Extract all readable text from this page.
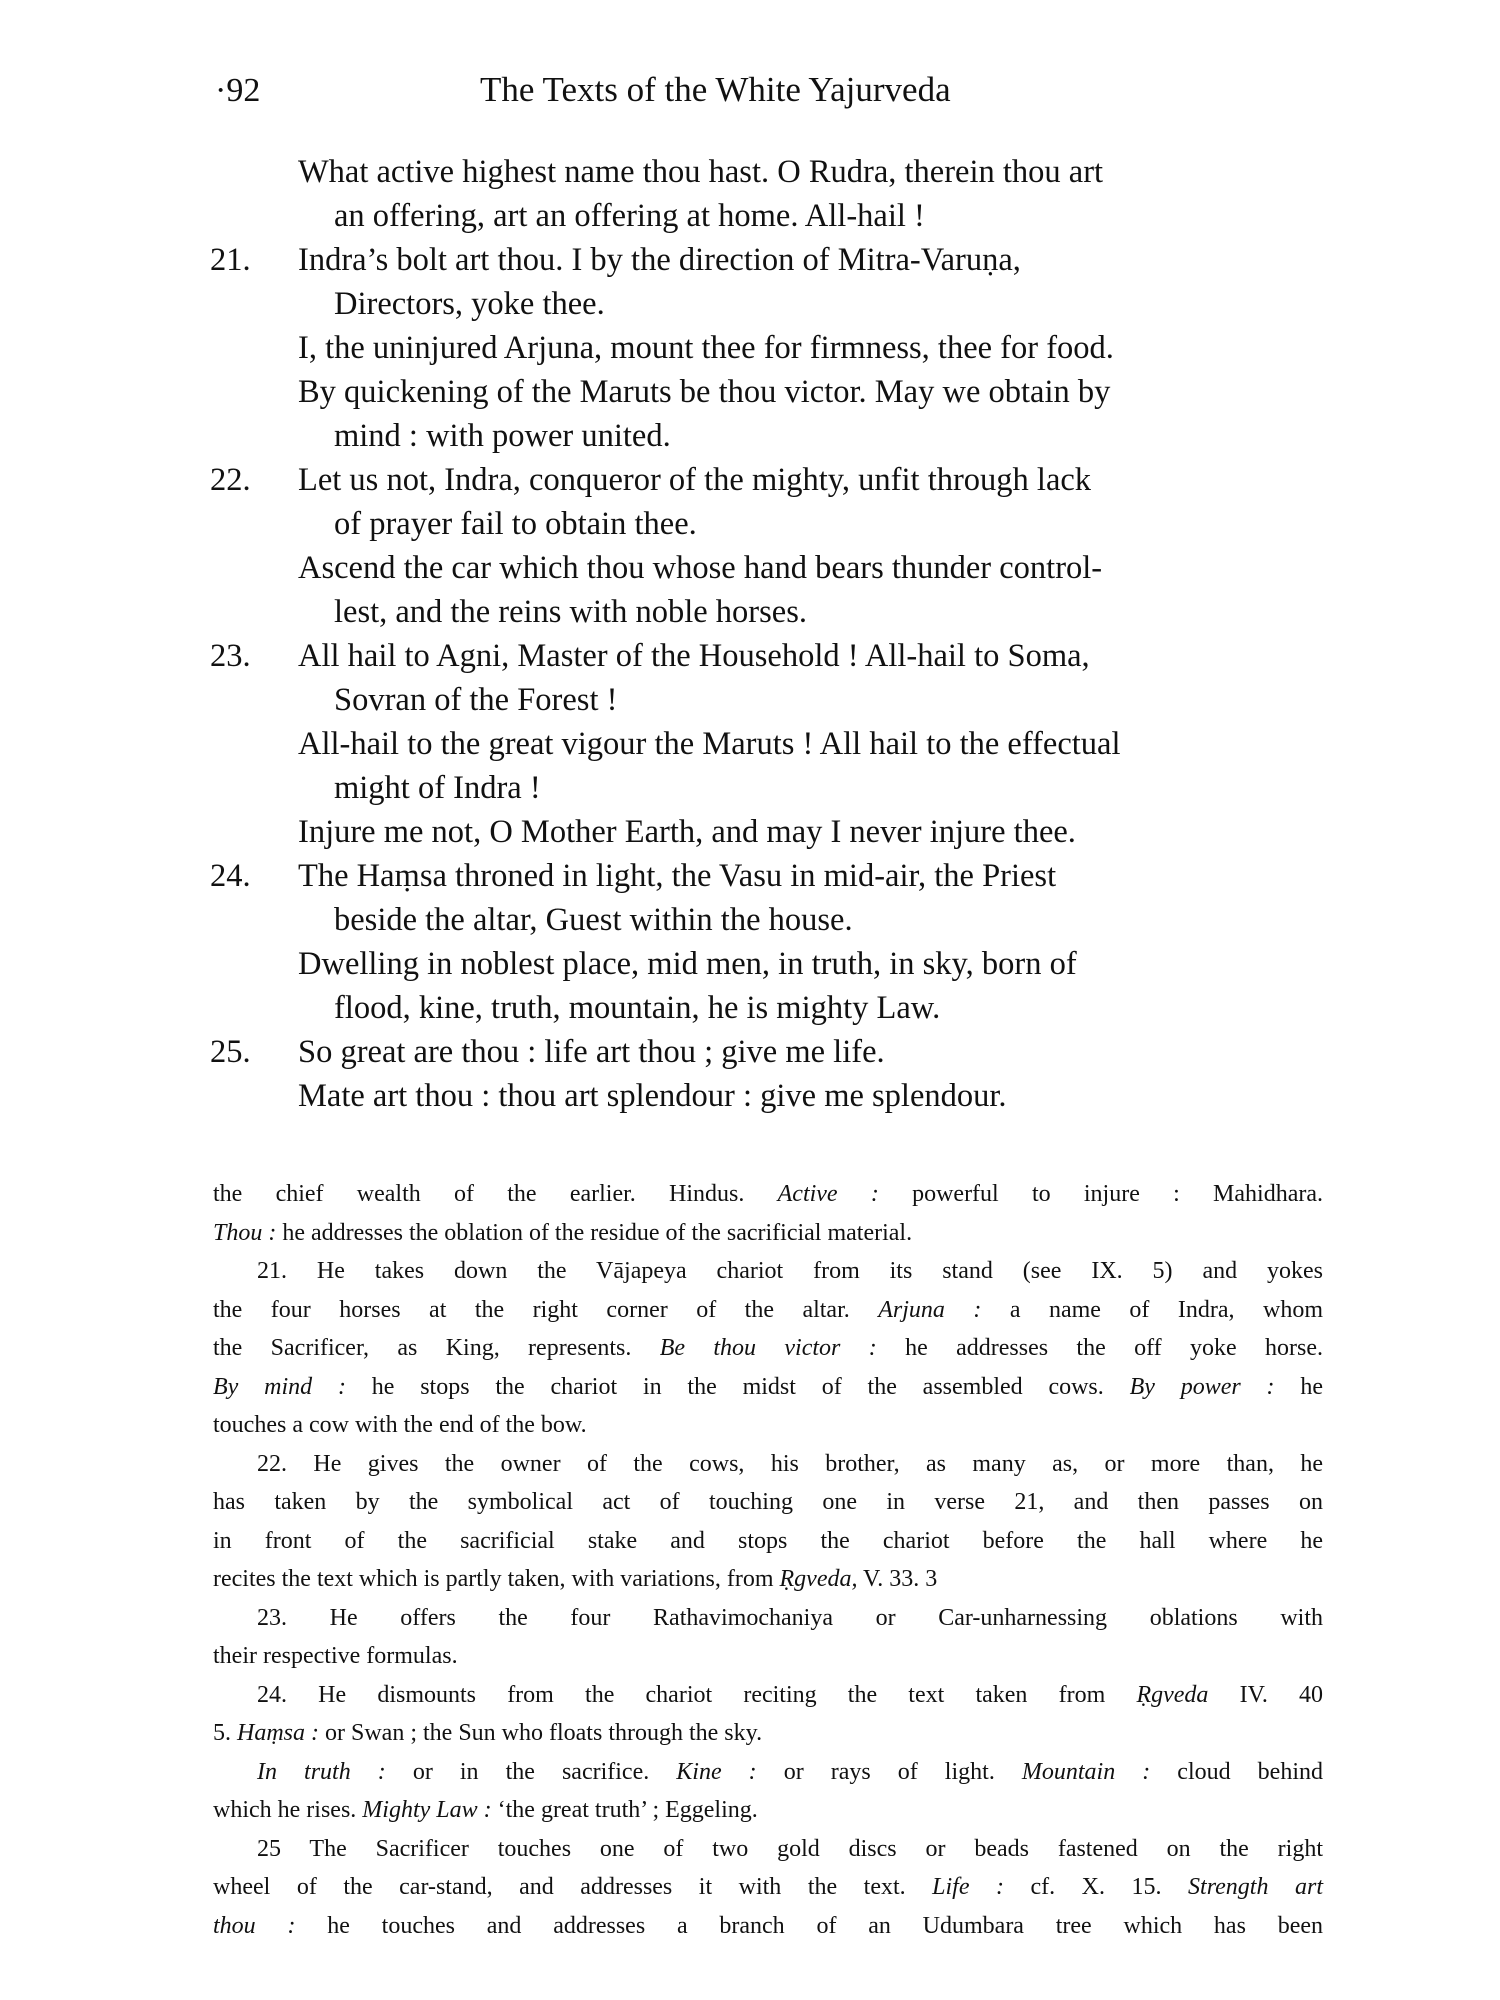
·92	The Texts of the White Yajurveda
What active highest name thou hast. O Rudra, therein thou art
an offering, art an offering at home. All-hail !
21. Indra’s bolt art thou. I by the direction of Mitra-Varuṇa,
Directors, yoke thee.
I, the uninjured Arjuna, mount thee for firmness, thee for food.
By quickening of the Maruts be thou victor. May we obtain by
mind : with power united.
22. Let us not, Indra, conqueror of the mighty, unfit through lack
of prayer fail to obtain thee.
Ascend the car which thou whose hand bears thunder control-
lest, and the reins with noble horses.
23. All hail to Agni, Master of the Household ! All-hail to Soma,
Sovran of the Forest !
All-hail to the great vigour the Maruts ! All hail to the effectual
might of Indra !
Injure me not, O Mother Earth, and may I never injure thee.
24. The Haṃsa throned in light, the Vasu in mid-air, the Priest
beside the altar, Guest within the house.
Dwelling in noblest place, mid men, in truth, in sky, born of
flood, kine, truth, mountain, he is mighty Law.
25. So great are thou : life art thou ; give me life.
Mate art thou : thou art splendour : give me splendour.
the chief wealth of the earlier. Hindus. Active : powerful to injure : Mahidhara.
Thou : he addresses the oblation of the residue of the sacrificial material.
21. He takes down the Vājapeya chariot from its stand (see IX. 5) and yokes
the four horses at the right corner of the altar. Arjuna : a name of Indra, whom
the Sacrificer, as King, represents. Be thou victor : he addresses the off yoke horse.
By mind : he stops the chariot in the midst of the assembled cows. By power : he
touches a cow with the end of the bow.
22. He gives the owner of the cows, his brother, as many as, or more than, he
has taken by the symbolical act of touching one in verse 21, and then passes on
in front of the sacrificial stake and stops the chariot before the hall where he
recites the text which is partly taken, with variations, from Ṛgveda, V. 33. 3
23. He offers the four Rathavimochaniya or Car-unharnessing oblations with
their respective formulas.
24. He dismounts from the chariot reciting the text taken from Ṛgveda IV. 40
5. Haṃsa : or Swan ; the Sun who floats through the sky.
In truth : or in the sacrifice. Kine : or rays of light. Mountain : cloud behind
which he rises. Mighty Law : ‘the great truth’ ; Eggeling.
25 The Sacrificer touches one of two gold discs or beads fastened on the right
wheel of the car-stand, and addresses it with the text. Life : cf. X. 15. Strength art
thou : he touches and addresses a branch of an Udumbara tree which has been
